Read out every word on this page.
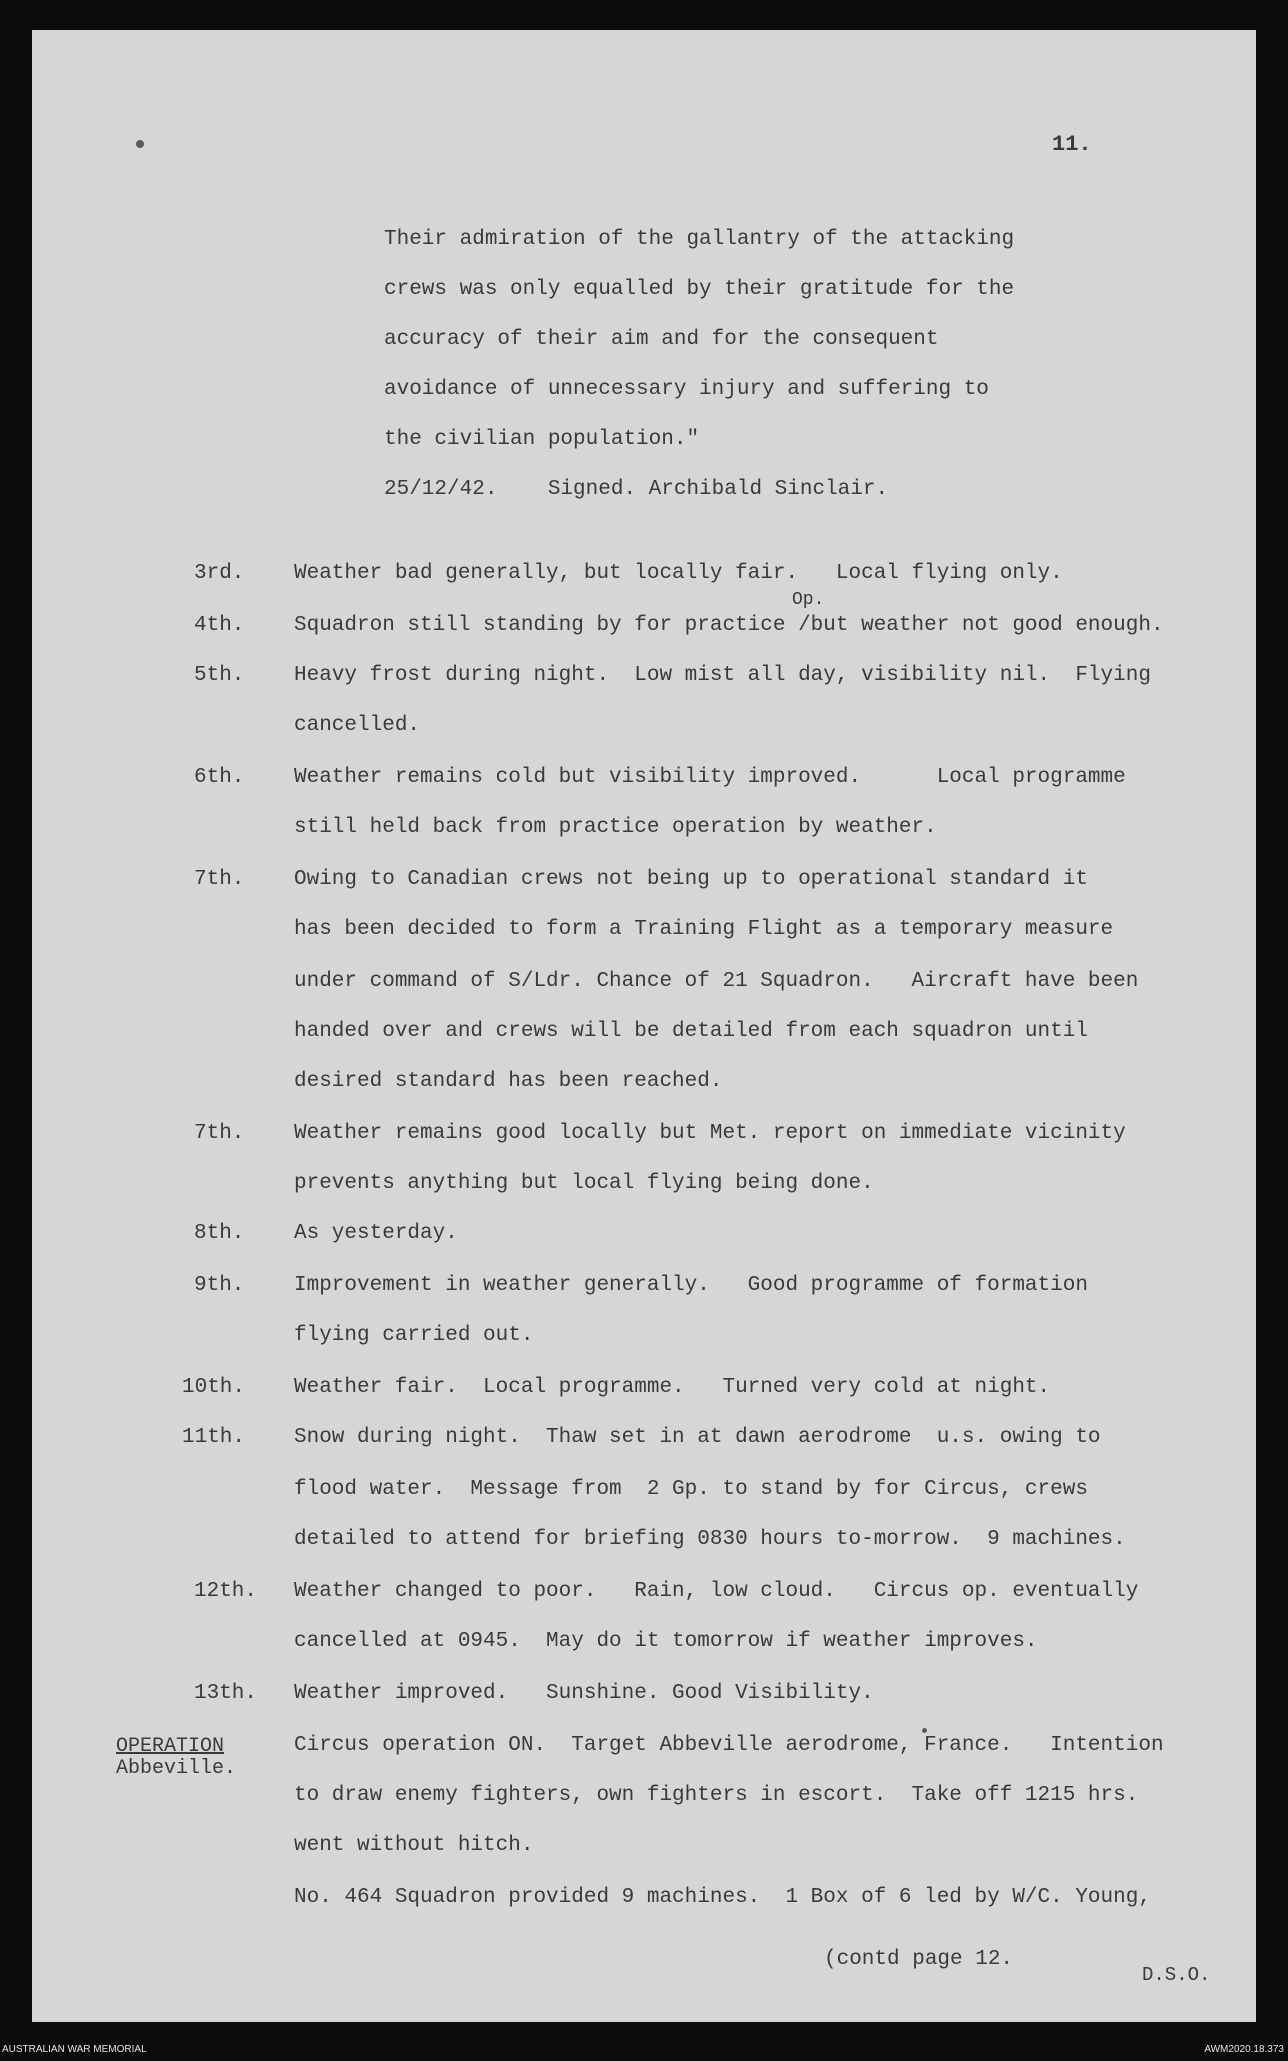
11.
Their admiration of the gallantry of the attacking
crews was only equalled by their gratitude for the
accuracy of their aim and for the consequent
avoidance of unnecessary injury and suffering to
the civilian population."
25/12/42.    Signed. Archibald Sinclair.
Op.
3rd. Weather bad generally, but locally fair.   Local flying only.
4th. Squadron still standing by for practice /but weather not good enough.
5th. Heavy frost during night.  Low mist all day, visibility nil.  Flying
cancelled.
6th. Weather remains cold but visibility improved.      Local programme
still held back from practice operation by weather.
7th. Owing to Canadian crews not being up to operational standard it
has been decided to form a Training Flight as a temporary measure
under command of S/Ldr. Chance of 21 Squadron.   Aircraft have been
handed over and crews will be detailed from each squadron until
desired standard has been reached.
7th. Weather remains good locally but Met. report on immediate vicinity
prevents anything but local flying being done.
8th. As yesterday.
9th. Improvement in weather generally.   Good programme of formation
flying carried out.
10th. Weather fair.  Local programme.   Turned very cold at night.
11th. Snow during night.  Thaw set in at dawn aerodrome  u.s. owing to
flood water.  Message from  2 Gp. to stand by for Circus, crews
detailed to attend for briefing 0830 hours to-morrow.  9 machines.
12th. Weather changed to poor.   Rain, low cloud.   Circus op. eventually
cancelled at 0945.  May do it tomorrow if weather improves.
13th. Weather improved.   Sunshine. Good Visibility.
Circus operation ON.  Target Abbeville aerodrome, France.   Intention
to draw enemy fighters, own fighters in escort.  Take off 1215 hrs.
went without hitch.
No. 464 Squadron provided 9 machines.  1 Box of 6 led by W/C. Young,
OPERATION
Abbeville.
(contd page 12.
D.S.O.
AUSTRALIAN WAR MEMORIAL	AWM2020.18.373
